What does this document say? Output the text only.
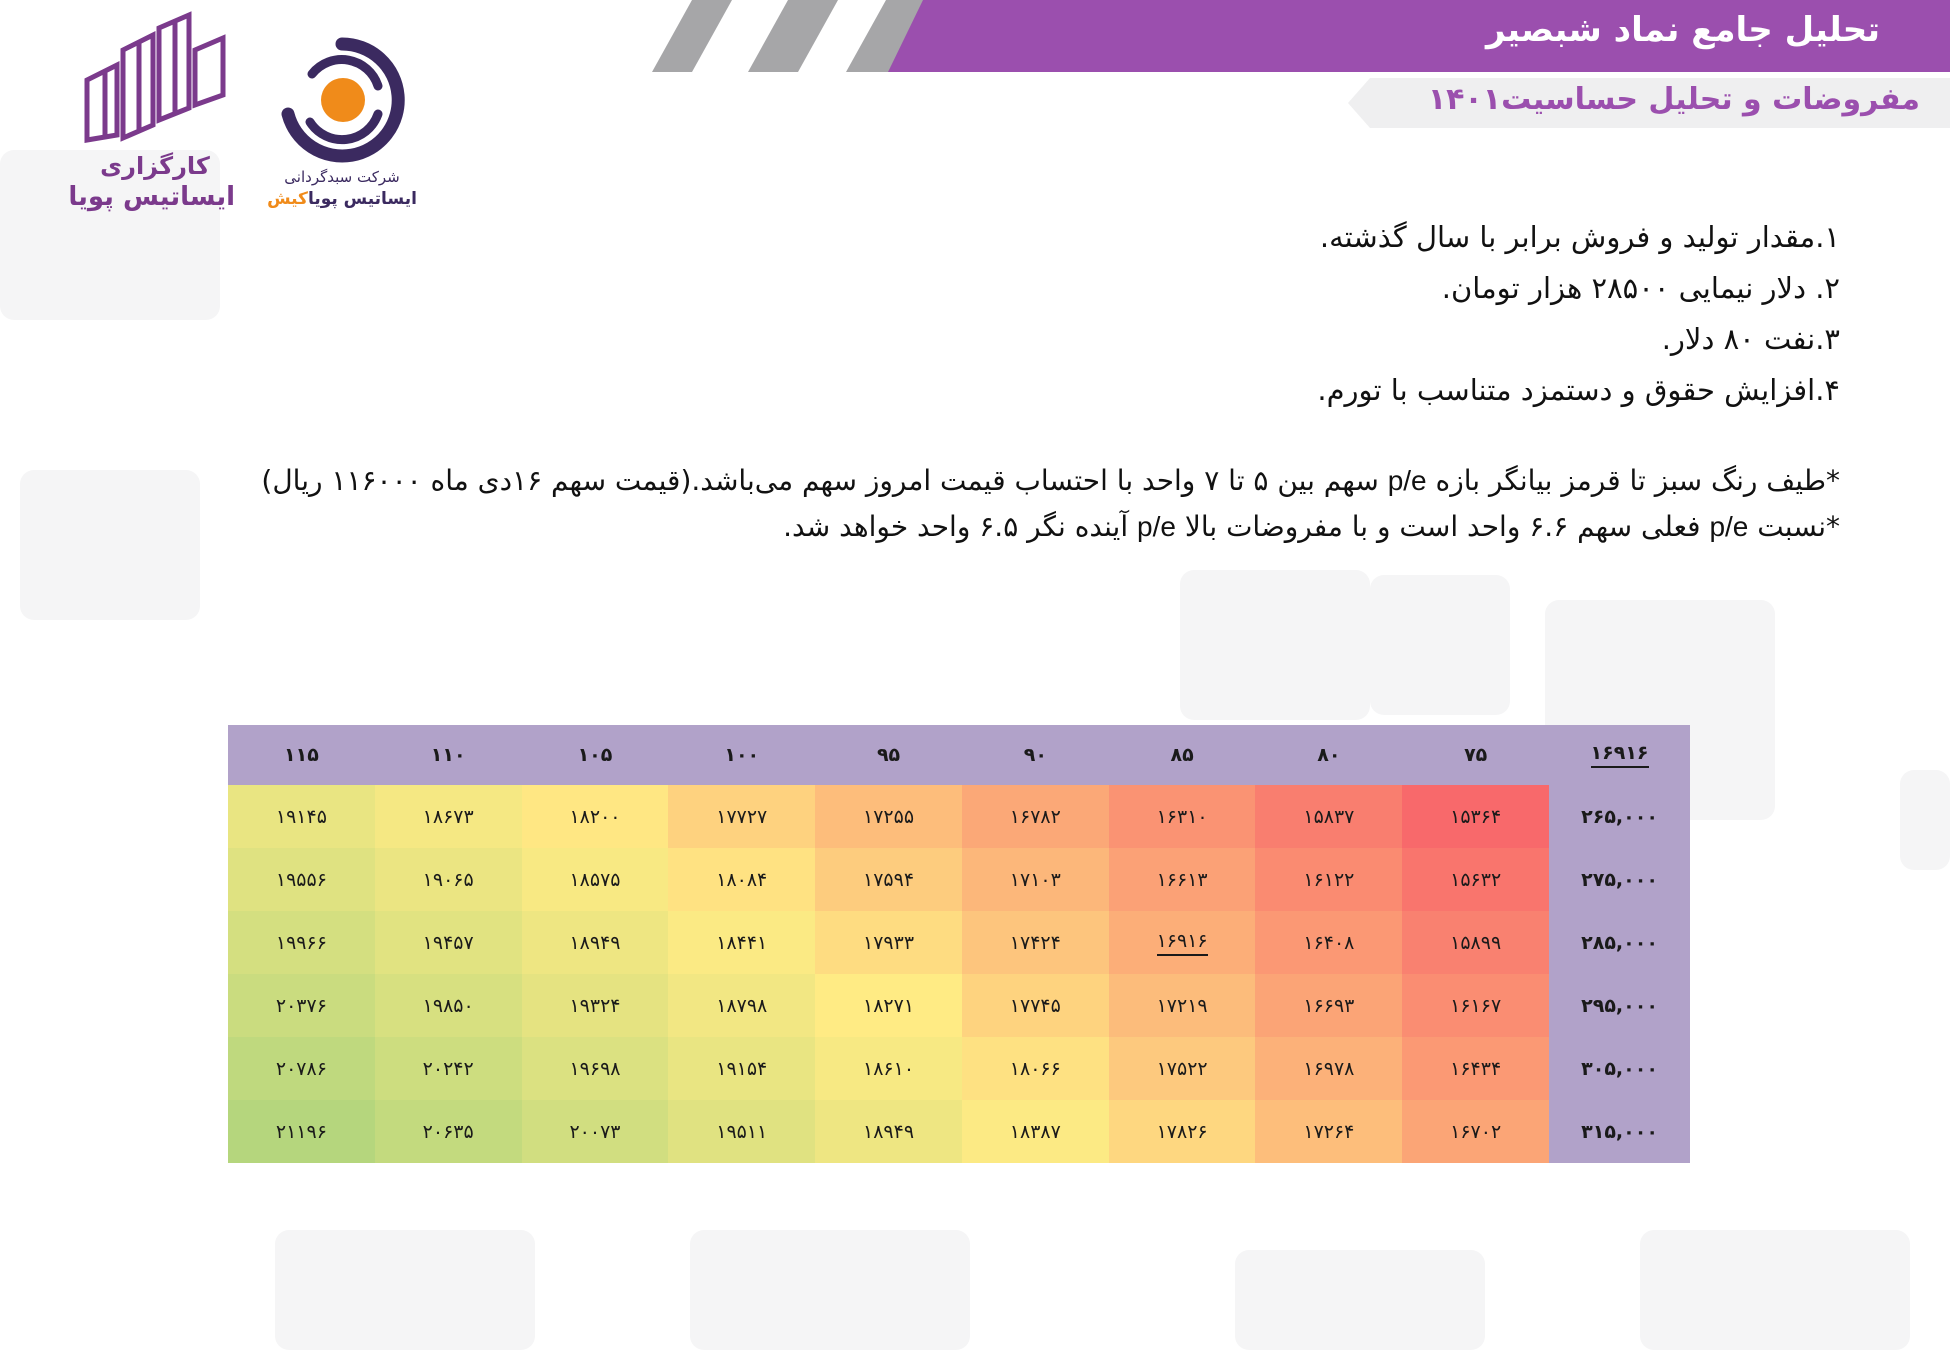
تحلیل جامع نماد شبصیر
مفروضات و تحلیل حساسیت۱۴۰۱
کارگزاری
ایساتیس پویا
شرکت سبدگردانی
ایساتیس پویاکیش
۱.مقدار تولید و فروش برابر با سال گذشته.
۲. دلار نیمایی ۲۸۵۰۰ هزار تومان.
۳.نفت ۸۰ دلار.
۴.افزایش حقوق و دستمزد متناسب با تورم.
*طیف رنگ سبز تا قرمز بیانگر بازه p/e سهم بین ۵ تا ۷ واحد با احتساب قیمت امروز سهم می‌باشد.(قیمت سهم ۱۶دی ماه ۱۱۶۰۰۰ ریال)
*نسبت p/e فعلی سهم ۶.۶ واحد است و با مفروضات بالا p/e آینده نگر ۶.۵ واحد خواهد شد.
۱۶۹۱۶
۷۵
۸۰
۸۵
۹۰
۹۵
۱۰۰
۱۰۵
۱۱۰
۱۱۵
۲۶۵,۰۰۰
۱۵۳۶۴
۱۵۸۳۷
۱۶۳۱۰
۱۶۷۸۲
۱۷۲۵۵
۱۷۷۲۷
۱۸۲۰۰
۱۸۶۷۳
۱۹۱۴۵
۲۷۵,۰۰۰
۱۵۶۳۲
۱۶۱۲۲
۱۶۶۱۳
۱۷۱۰۳
۱۷۵۹۴
۱۸۰۸۴
۱۸۵۷۵
۱۹۰۶۵
۱۹۵۵۶
۲۸۵,۰۰۰
۱۵۸۹۹
۱۶۴۰۸
۱۶۹۱۶
۱۷۴۲۴
۱۷۹۳۳
۱۸۴۴۱
۱۸۹۴۹
۱۹۴۵۷
۱۹۹۶۶
۲۹۵,۰۰۰
۱۶۱۶۷
۱۶۶۹۳
۱۷۲۱۹
۱۷۷۴۵
۱۸۲۷۱
۱۸۷۹۸
۱۹۳۲۴
۱۹۸۵۰
۲۰۳۷۶
۳۰۵,۰۰۰
۱۶۴۳۴
۱۶۹۷۸
۱۷۵۲۲
۱۸۰۶۶
۱۸۶۱۰
۱۹۱۵۴
۱۹۶۹۸
۲۰۲۴۲
۲۰۷۸۶
۳۱۵,۰۰۰
۱۶۷۰۲
۱۷۲۶۴
۱۷۸۲۶
۱۸۳۸۷
۱۸۹۴۹
۱۹۵۱۱
۲۰۰۷۳
۲۰۶۳۵
۲۱۱۹۶
